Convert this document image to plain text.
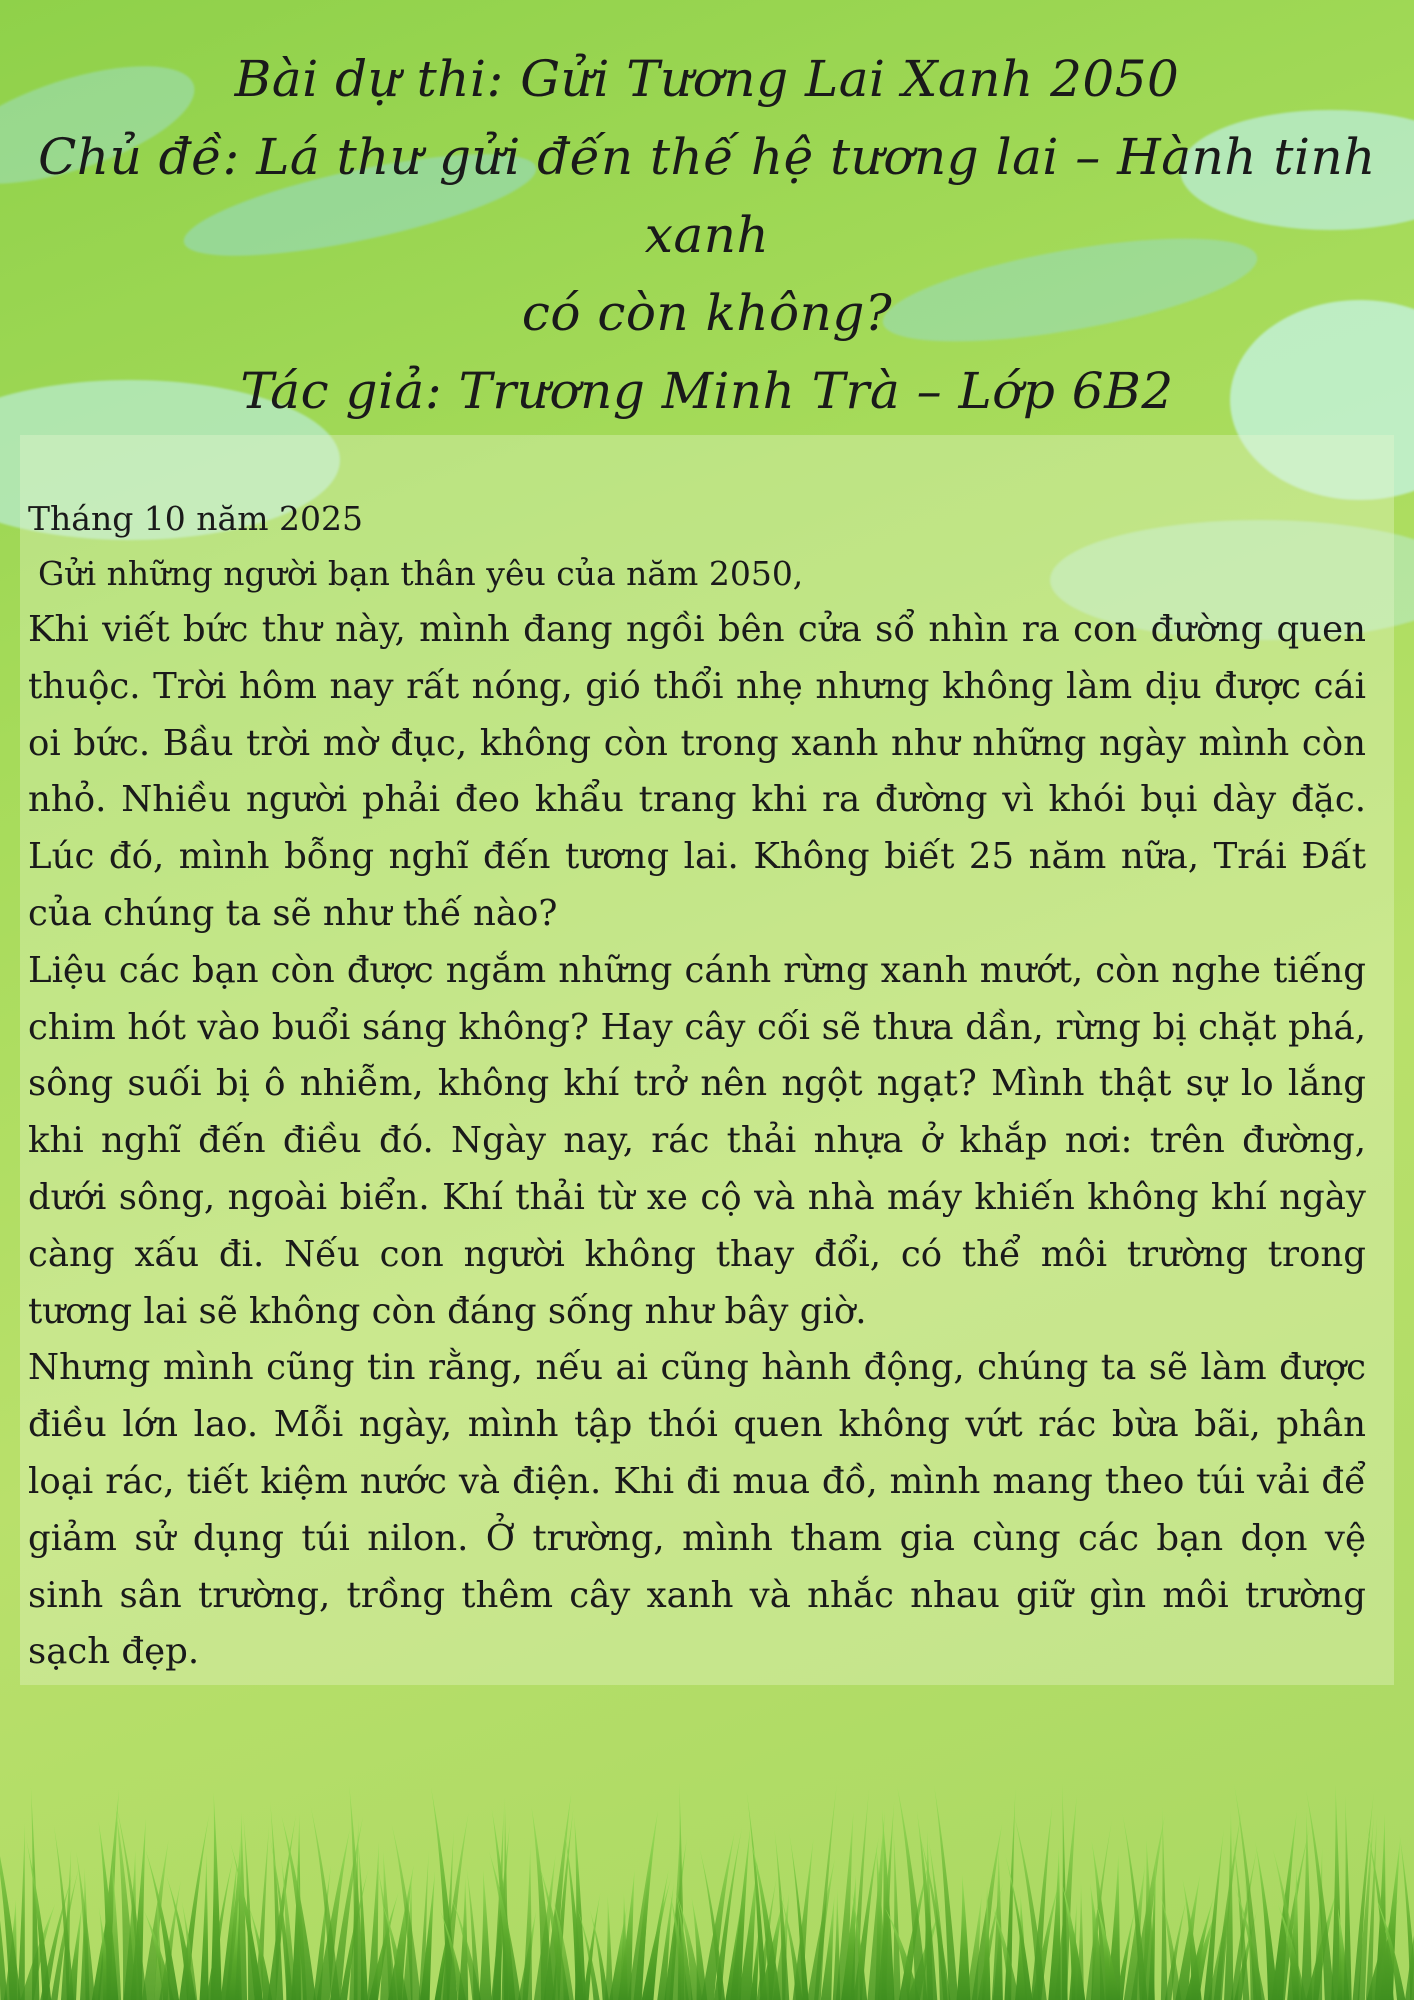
Bài dự thi: Gửi Tương Lai Xanh 2050
Chủ đề: Lá thư gửi đến thế hệ tương lai – Hành tinh xanh
có còn không?
Tác giả: Trương Minh Trà – Lớp 6B2

Tháng 10 năm 2025

Gửi những người bạn thân yêu của năm 2050,

Khi viết bức thư này, mình đang ngồi bên cửa sổ nhìn ra con đường quen thuộc. Trời hôm nay rất nóng, gió thổi nhẹ nhưng không làm dịu được cái oi bức. Bầu trời mờ đục, không còn trong xanh như những ngày mình còn nhỏ. Nhiều người phải đeo khẩu trang khi ra đường vì khói bụi dày đặc. Lúc đó, mình bỗng nghĩ đến tương lai. Không biết 25 năm nữa, Trái Đất của chúng ta sẽ như thế nào?

Liệu các bạn còn được ngắm những cánh rừng xanh mướt, còn nghe tiếng chim hót vào buổi sáng không? Hay cây cối sẽ thưa dần, rừng bị chặt phá, sông suối bị ô nhiễm, không khí trở nên ngột ngạt? Mình thật sự lo lắng khi nghĩ đến điều đó. Ngày nay, rác thải nhựa ở khắp nơi: trên đường, dưới sông, ngoài biển. Khí thải từ xe cộ và nhà máy khiến không khí ngày càng xấu đi. Nếu con người không thay đổi, có thể môi trường trong tương lai sẽ không còn đáng sống như bây giờ.

Nhưng mình cũng tin rằng, nếu ai cũng hành động, chúng ta sẽ làm được điều lớn lao. Mỗi ngày, mình tập thói quen không vứt rác bừa bãi, phân loại rác, tiết kiệm nước và điện. Khi đi mua đồ, mình mang theo túi vải để giảm sử dụng túi nilon. Ở trường, mình tham gia cùng các bạn dọn vệ sinh sân trường, trồng thêm cây xanh và nhắc nhau giữ gìn môi trường sạch đẹp.
